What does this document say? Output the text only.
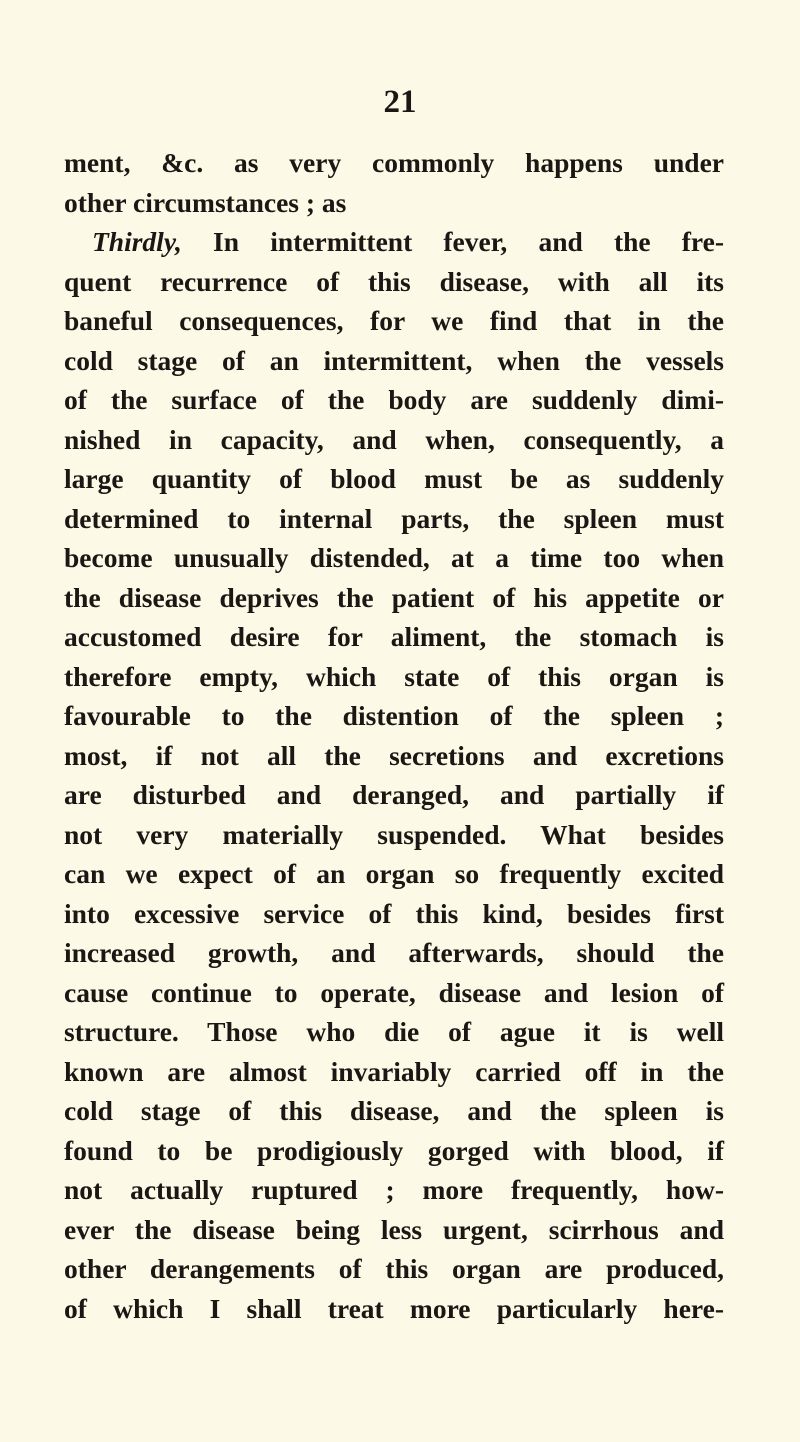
21
ment, &c. as very commonly happens under
other circumstances ; as
Thirdly, In intermittent fever, and the fre-
quent recurrence of this disease, with all its
baneful consequences, for we find that in the
cold stage of an intermittent, when the vessels
of the surface of the body are suddenly dimi-
nished in capacity, and when, consequently, a
large quantity of blood must be as suddenly
determined to internal parts, the spleen must
become unusually distended, at a time too when
the disease deprives the patient of his appetite or
accustomed desire for aliment, the stomach is
therefore empty, which state of this organ is
favourable to the distention of the spleen ;
most, if not all the secretions and excretions
are disturbed and deranged, and partially if
not very materially suspended. What besides
can we expect of an organ so frequently excited
into excessive service of this kind, besides first
increased growth, and afterwards, should the
cause continue to operate, disease and lesion of
structure. Those who die of ague it is well
known are almost invariably carried off in the
cold stage of this disease, and the spleen is
found to be prodigiously gorged with blood, if
not actually ruptured ; more frequently, how-
ever the disease being less urgent, scirrhous and
other derangements of this organ are produced,
of which I shall treat more particularly here-
